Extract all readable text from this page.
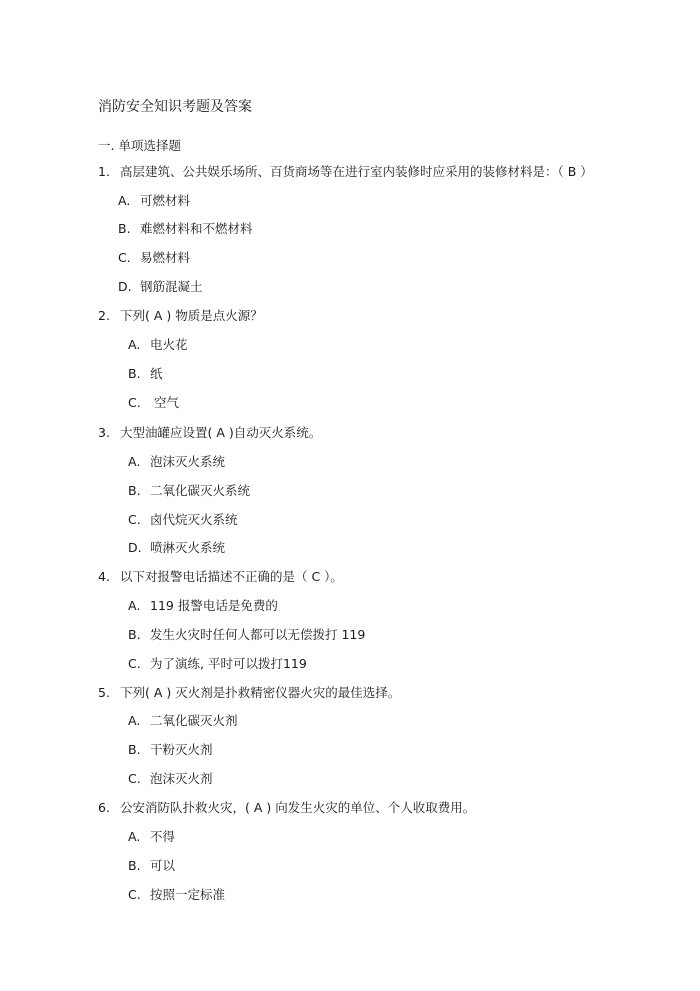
消防安全知识考题及答案
一. 单项选择题
1. 高层建筑、公共娱乐场所、百货商场等在进行室内装修时应采用的装修材料是：（ B ）
A. 可燃材料
B. 难燃材料和不燃材料
C. 易燃材料
D. 钢筋混凝土
2. 下列( A ) 物质是点火源？
A. 电火花
B. 纸
C. 空气
3. 大型油罐应设置( A )自动灭火系统。
A. 泡沫灭火系统
B. 二氧化碳灭火系统
C. 卤代烷灭火系统
D. 喷淋灭火系统
4. 以下对报警电话描述不正确的是（ C ）。
A. 119 报警电话是免费的
B. 发生火灾时任何人都可以无偿拨打 119
C. 为了演练, 平时可以拨打119
5. 下列( A ) 灭火剂是扑救精密仪器火灾的最佳选择。
A. 二氧化碳灭火剂
B. 干粉灭火剂
C. 泡沫灭火剂
6. 公安消防队扑救火灾，( A ) 向发生火灾的单位、个人收取费用。
A. 不得
B. 可以
C. 按照一定标准
